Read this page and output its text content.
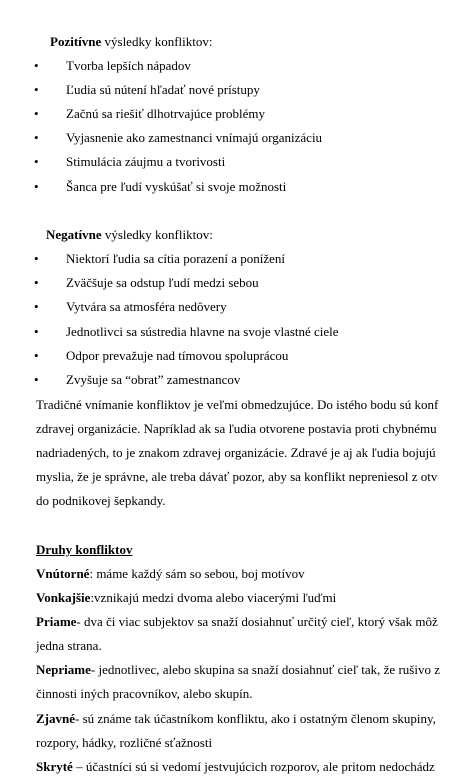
Pozitívne výsledky konfliktov:
•	Tvorba lepších nápadov
•	Ľudia sú nútení hľadať nové prístupy
•	Začnú sa riešiť dlhotrvajúce problémy
•	Vyjasnenie ako zamestnanci vnímajú organizáciu
•	Stimulácia záujmu a tvorivosti
•	Šanca pre ľudí vyskúšať si svoje možnosti
Negatívne výsledky konfliktov:
•	Niektorí ľudia sa cítia porazení a ponížení
•	Zväčšuje sa odstup ľudí medzi sebou
•	Vytvára sa atmosféra nedôvery
•	Jednotlivci sa sústredia hlavne na svoje vlastné ciele
•	Odpor prevažuje nad tímovou spoluprácou
•	Zvyšuje sa “obrat” zamestnancov
Tradičné vnímanie konfliktov je veľmi obmedzujúce. Do istého bodu sú konf
zdravej organizácie. Napríklad ak sa ľudia otvorene postavia proti chybnému
nadriadených, to je znakom zdravej organizácie. Zdravé je aj ak ľudia bojujú
myslia, že je správne, ale treba dávať pozor, aby sa konflikt nepreniesol z otv
do podnikovej šepkandy.
Druhy konfliktov
Vnútorné: máme každý sám so sebou, boj motívov
Vonkajšie:vznikajú medzi dvoma alebo viacerými ľuďmi
Priame- dva či viac subjektov sa snaží dosiahnuť určitý cieľ, ktorý však môž
jedna strana.
Nepriame- jednotlivec, alebo skupina sa snaží dosiahnuť cieľ tak, že rušivo z
činnosti iných pracovníkov, alebo skupín.
Zjavné- sú známe tak účastníkom konfliktu, ako i ostatným členom skupiny,
rozpory, hádky, rozličné sťažnosti
Skryté – účastníci sú si vedomí jestvujúcich rozporov, ale pritom nedochádz
